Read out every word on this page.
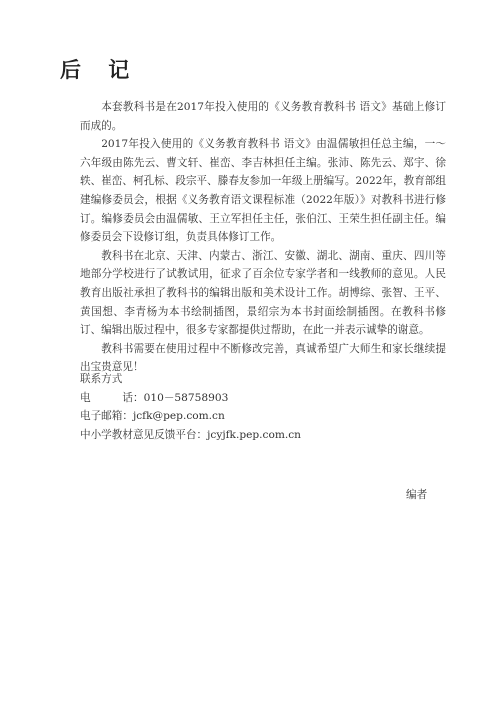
后 记

本套教科书是在2017年投入使用的《义务教育教科书 语文》基础上修订而成的。

2017年投入使用的《义务教育教科书 语文》由温儒敏担任总主编，一～六年级由陈先云、曹文轩、崔峦、李吉林担任主编。张沛、陈先云、郑宇、徐轶、崔峦、柯孔标、段宗平、滕春友参加一年级上册编写。2022年，教育部组建编修委员会，根据《义务教育语文课程标准（2022年版）》对教科书进行修订。编修委员会由温儒敏、王立军担任主任，张伯江、王荣生担任副主任。编修委员会下设修订组，负责具体修订工作。

教科书在北京、天津、内蒙古、浙江、安徽、湖北、湖南、重庆、四川等地部分学校进行了试教试用，征求了百余位专家学者和一线教师的意见。人民教育出版社承担了教科书的编辑出版和美术设计工作。胡博综、张智、王平、黄国想、李青杨为本书绘制插图，景绍宗为本书封面绘制插图。在教科书修订、编辑出版过程中，很多专家都提供过帮助，在此一并表示诚挚的谢意。

教科书需要在使用过程中不断修改完善，真诚希望广大师生和家长继续提出宝贵意见！

联系方式
电话：010－58758903
电子邮箱：jcfk@pep.com.cn
中小学教材意见反馈平台：jcyjfk.pep.com.cn
编者
